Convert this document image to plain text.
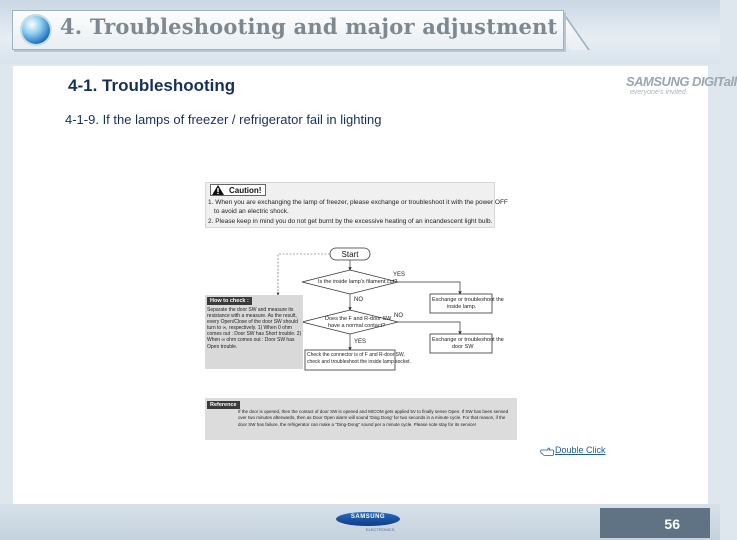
4. Troubleshooting and major adjustment
SAMSUNG DIGITall
everyone's invited.
4-1. Troubleshooting
4-1-9. If the lamps of freezer / refrigerator fail in lighting
Caution!
1. When you are exchanging the lamp of freezer, please exchange or troubleshoot it with the power OFF
to avoid an electric shock.
2. Please keep in mind you do not get burnt by the excessive heating of an incandescent light bulb.
Start
Is the inside lamp's filament cut?
YES
NO	Exchange or troubleshoot the
inside lamp.
Does the F and R-door SW
have a normal contact?
NO
YES	Exchange or troubleshoot the
door SW
Check the connector is of F and R-door SW,
check and troubleshoot the inside lamp socket.
How to check :
Separate the door SW and measure its resistance with a measure. As the result, every Open/Close of the door SW should turn to ∞, respectively. 1) When 0 ohm comes out : Door SW has Short trouble. 2) When ∞ ohm comes out : Door SW has Open trouble.
Reference
If the door is opened, then the contact of door SW is opened and MICOM gets applied 5V to finally sense Open. If SW has been sensed over two minutes afterwards, then as Door Open alarm will sound 'Ding Dong' for two seconds in a minute cycle. For that reason, if the door SW has failure, the refrigerator can make a "Ding-Dong" sound per a minute cycle. Please note stay for its service!
Double Click
SAMSUNG
ELECTRONICS	56
